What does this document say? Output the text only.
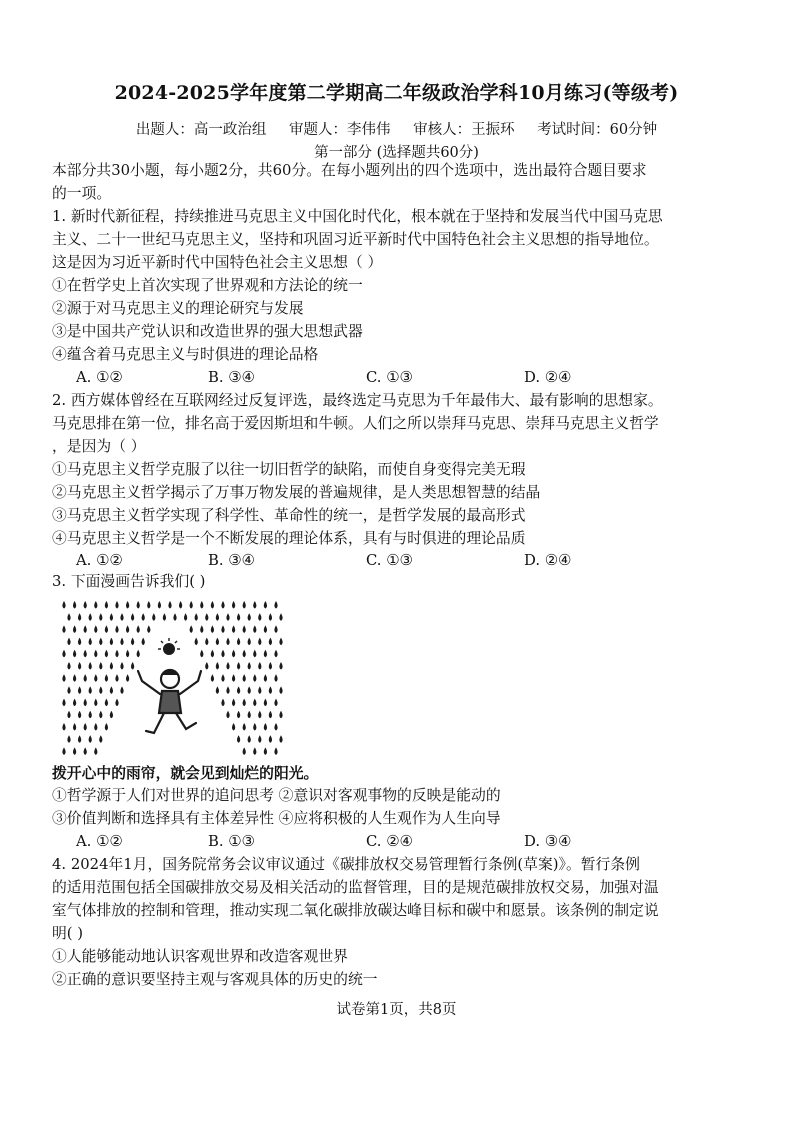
2024-2025学年度第二学期高二年级政治学科10月练习(等级考)
出题人：高一政治组 审题人：李伟伟 审核人：王振环 考试时间：60分钟
第一部分 (选择题共60分)
本部分共30小题，每小题2分，共60分。在每小题列出的四个选项中，选出最符合题目要求
的一项。
1. 新时代新征程，持续推进马克思主义中国化时代化，根本就在于坚持和发展当代中国马克思
主义、二十一世纪马克思主义，坚持和巩固习近平新时代中国特色社会主义思想的指导地位。
这是因为习近平新时代中国特色社会主义思想（ ）
①在哲学史上首次实现了世界观和方法论的统一
②源于对马克思主义的理论研究与发展
③是中国共产党认识和改造世界的强大思想武器
④蕴含着马克思主义与时俱进的理论品格
A. ①②	B. ③④	C. ①③	D. ②④
2. 西方媒体曾经在互联网经过反复评选，最终选定马克思为千年最伟大、最有影响的思想家。
马克思排在第一位，排名高于爱因斯坦和牛顿。人们之所以崇拜马克思、崇拜马克思主义哲学
，是因为（ ）
①马克思主义哲学克服了以往一切旧哲学的缺陷，而使自身变得完美无瑕
②马克思主义哲学揭示了万事万物发展的普遍规律，是人类思想智慧的结晶
③马克思主义哲学实现了科学性、革命性的统一，是哲学发展的最高形式
④马克思主义哲学是一个不断发展的理论体系，具有与时俱进的理论品质
A. ①②	B. ③④	C. ①③	D. ②④
3. 下面漫画告诉我们( )
拨开心中的雨帘，就会见到灿烂的阳光。
①哲学源于人们对世界的追问思考 ②意识对客观事物的反映是能动的
③价值判断和选择具有主体差异性 ④应将积极的人生观作为人生向导
A. ①②	B. ①③	C. ②④	D. ③④
4. 2024年1月，国务院常务会议审议通过《碳排放权交易管理暂行条例(草案)》。暂行条例
的适用范围包括全国碳排放交易及相关活动的监督管理，目的是规范碳排放权交易，加强对温
室气体排放的控制和管理，推动实现二氧化碳排放碳达峰目标和碳中和愿景。该条例的制定说
明( )
①人能够能动地认识客观世界和改造客观世界
②正确的意识要坚持主观与客观具体的历史的统一
试卷第1页，共8页
